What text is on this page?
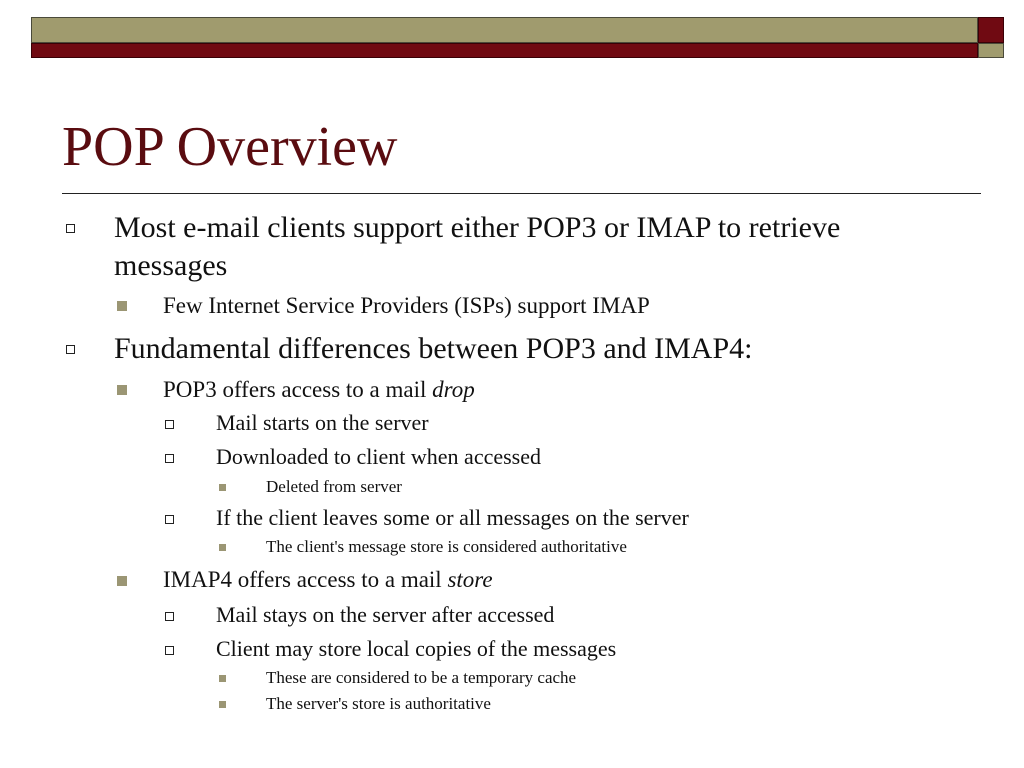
POP Overview
Most e-mail clients support either POP3 or IMAP to retrieve
messages
Few Internet Service Providers (ISPs) support IMAP
Fundamental differences between POP3 and IMAP4:
POP3 offers access to a mail drop
Mail starts on the server
Downloaded to client when accessed
Deleted from server
If the client leaves some or all messages on the server
The client's message store is considered authoritative
IMAP4 offers access to a mail store
Mail stays on the server after accessed
Client may store local copies of the messages
These are considered to be a temporary cache
The server's store is authoritative
